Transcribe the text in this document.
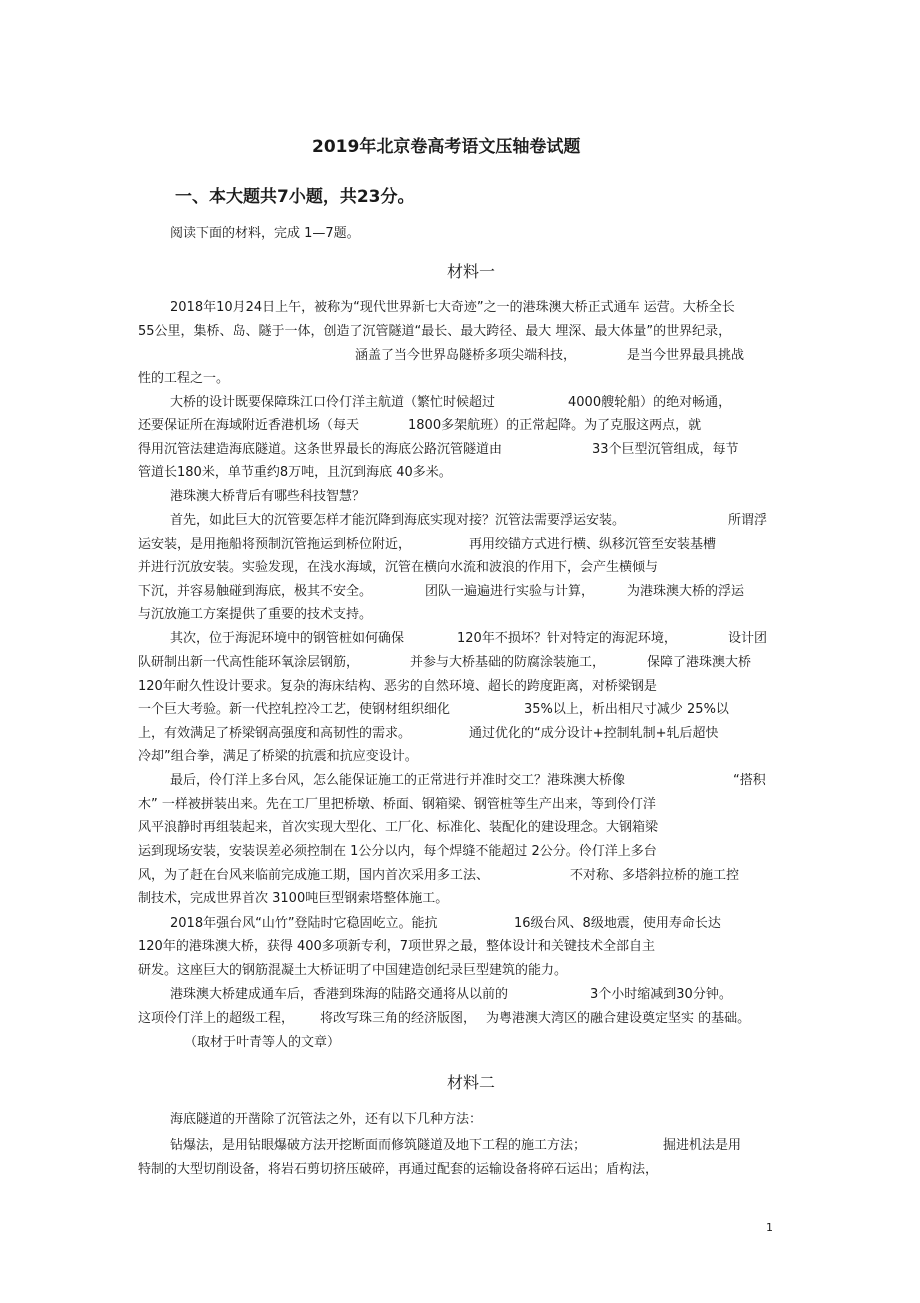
2019年北京卷高考语文压轴卷试题
一、本大题共7小题，共23分。
阅读下面的材料，完成 1—7题。
材料一
2018年10月24日上午，被称为“现代世界新七大奇迹”之一的港珠澳大桥正式通车 运营。大桥全长
55公里，集桥、岛、隧于一体，创造了沉管隧道“最长、最大跨径、最大 埋深、最大体量”的世界纪录，
涵盖了当今世界岛隧桥多项尖端科技，	是当今世界最具挑战
性的工程之一。
大桥的设计既要保障珠江口伶仃洋主航道（繁忙时候超过	4000艘轮船）的绝对畅通，
还要保证所在海域附近香港机场（每天	1800多架航班）的正常起降。为了克服这两点，就
得用沉管法建造海底隧道。这条世界最长的海底公路沉管隧道由	33个巨型沉管组成，每节
管道长180米，单节重约8万吨，且沉到海底 40多米。
港珠澳大桥背后有哪些科技智慧？
首先，如此巨大的沉管要怎样才能沉降到海底实现对接？沉管法需要浮运安装。	所谓浮
运安装，是用拖船将预制沉管拖运到桥位附近，	再用绞锚方式进行横、纵移沉管至安装基槽
并进行沉放安装。实验发现，在浅水海域，沉管在横向水流和波浪的作用下，会产生横倾与
下沉，并容易触碰到海底，极其不安全。	团队一遍遍进行实验与计算，	为港珠澳大桥的浮运
与沉放施工方案提供了重要的技术支持。
其次，位于海泥环境中的钢管桩如何确保	120年不损坏？针对特定的海泥环境，	设计团
队研制出新一代高性能环氧涂层钢筋，	并参与大桥基础的防腐涂装施工，	保障了港珠澳大桥
120年耐久性设计要求。复杂的海床结构、恶劣的自然环境、超长的跨度距离，对桥梁钢是
一个巨大考验。新一代控轧控冷工艺，使钢材组织细化	35%以上，析出相尺寸减少 25%以
上，有效满足了桥梁钢高强度和高韧性的需求。	通过优化的“成分设计+控制轧制+轧后超快
冷却”组合拳，满足了桥梁的抗震和抗应变设计。
最后，伶仃洋上多台风，怎么能保证施工的正常进行并准时交工？港珠澳大桥像	“搭积
木” 一样被拼装出来。先在工厂里把桥墩、桥面、钢箱梁、钢管桩等生产出来，等到伶仃洋
风平浪静时再组装起来，首次实现大型化、工厂化、标准化、装配化的建设理念。大钢箱梁
运到现场安装，安装误差必须控制在 1公分以内，每个焊缝不能超过 2公分。伶仃洋上多台
风，为了赶在台风来临前完成施工期，国内首次采用多工法、	不对称、多塔斜拉桥的施工控
制技术，完成世界首次 3100吨巨型钢索塔整体施工。
2018年强台风“山竹”登陆时它稳固屹立。能抗	16级台风、8级地震，使用寿命长达
120年的港珠澳大桥，获得 400多项新专利，7项世界之最，整体设计和关键技术全部自主
研发。这座巨大的钢筋混凝土大桥证明了中国建造创纪录巨型建筑的能力。
港珠澳大桥建成通车后，香港到珠海的陆路交通将从以前的	3个小时缩减到30分钟。
这项伶仃洋上的超级工程， 将改写珠三角的经济版图， 为粤港澳大湾区的融合建设奠定坚实 的基础。
（取材于叶青等人的文章）
材料二
海底隧道的开凿除了沉管法之外，还有以下几种方法：
钻爆法，是用钻眼爆破方法开挖断面而修筑隧道及地下工程的施工方法；	掘进机法是用
特制的大型切削设备，将岩石剪切挤压破碎，再通过配套的运输设备将碎石运出；盾构法，
1
